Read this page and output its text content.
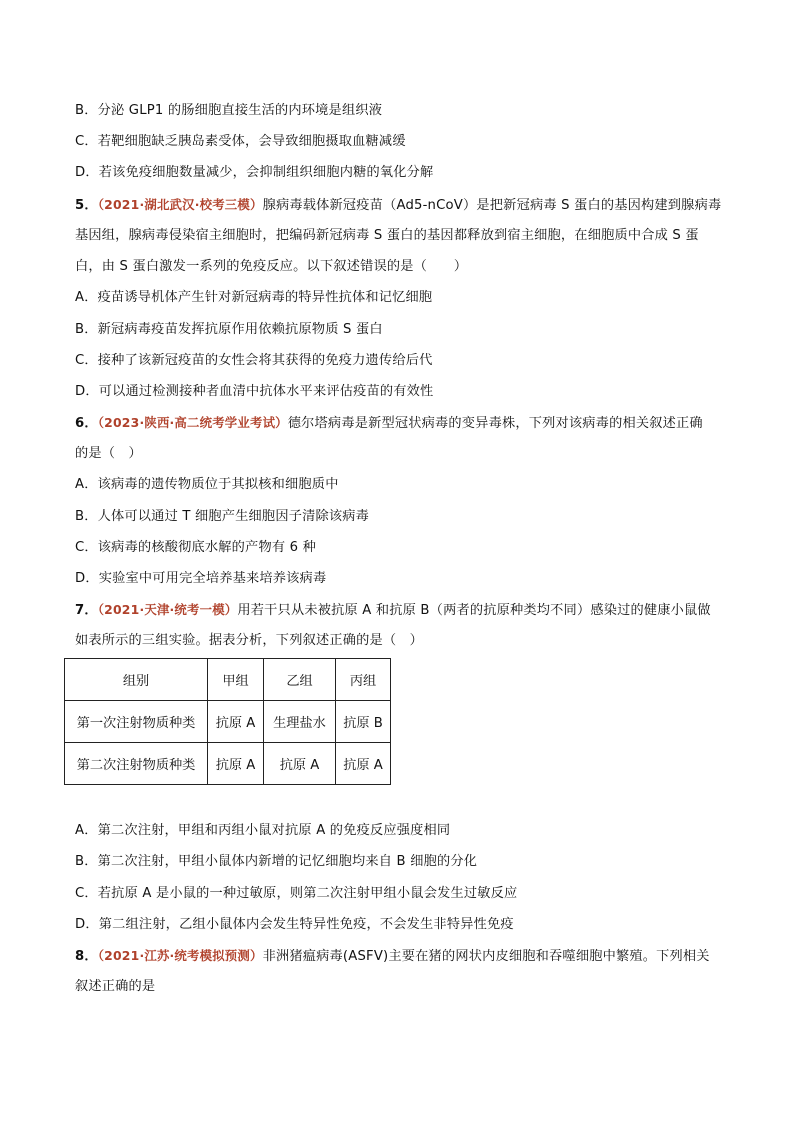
B．分泌 GLP1 的肠细胞直接生活的内环境是组织液
C．若靶细胞缺乏胰岛素受体，会导致细胞摄取血糖减缓
D．若该免疫细胞数量减少，会抑制组织细胞内糖的氧化分解
5．（2021·湖北武汉·校考三模）腺病毒载体新冠疫苗（Ad5-nCoV）是把新冠病毒 S 蛋白的基因构建到腺病毒
基因组，腺病毒侵染宿主细胞时，把编码新冠病毒 S 蛋白的基因都释放到宿主细胞，在细胞质中合成 S 蛋
白，由 S 蛋白激发一系列的免疫反应。以下叙述错误的是（　　）
A．疫苗诱导机体产生针对新冠病毒的特异性抗体和记忆细胞
B．新冠病毒疫苗发挥抗原作用依赖抗原物质 S 蛋白
C．接种了该新冠疫苗的女性会将其获得的免疫力遗传给后代
D．可以通过检测接种者血清中抗体水平来评估疫苗的有效性
6．（2023·陕西·高二统考学业考试）德尔塔病毒是新型冠状病毒的变异毒株，下列对该病毒的相关叙述正确
的是（　）
A．该病毒的遗传物质位于其拟核和细胞质中
B．人体可以通过 T 细胞产生细胞因子清除该病毒
C．该病毒的核酸彻底水解的产物有 6 种
D．实验室中可用完全培养基来培养该病毒
7．（2021·天津·统考一模）用若干只从未被抗原 A 和抗原 B（两者的抗原种类均不同）感染过的健康小鼠做
如表所示的三组实验。据表分析，下列叙述正确的是（　）
组别	甲组	乙组	丙组
第一次注射物质种类	抗原 A	生理盐水	抗原 B
第二次注射物质种类	抗原 A	抗原 A	抗原 A
A．第二次注射，甲组和丙组小鼠对抗原 A 的免疫反应强度相同
B．第二次注射，甲组小鼠体内新增的记忆细胞均来自 B 细胞的分化
C．若抗原 A 是小鼠的一种过敏原，则第二次注射甲组小鼠会发生过敏反应
D．第二组注射，乙组小鼠体内会发生特异性免疫，不会发生非特异性免疫
8．（2021·江苏·统考模拟预测）非洲猪瘟病毒(ASFV)主要在猪的网状内皮细胞和吞噬细胞中繁殖。下列相关
叙述正确的是
